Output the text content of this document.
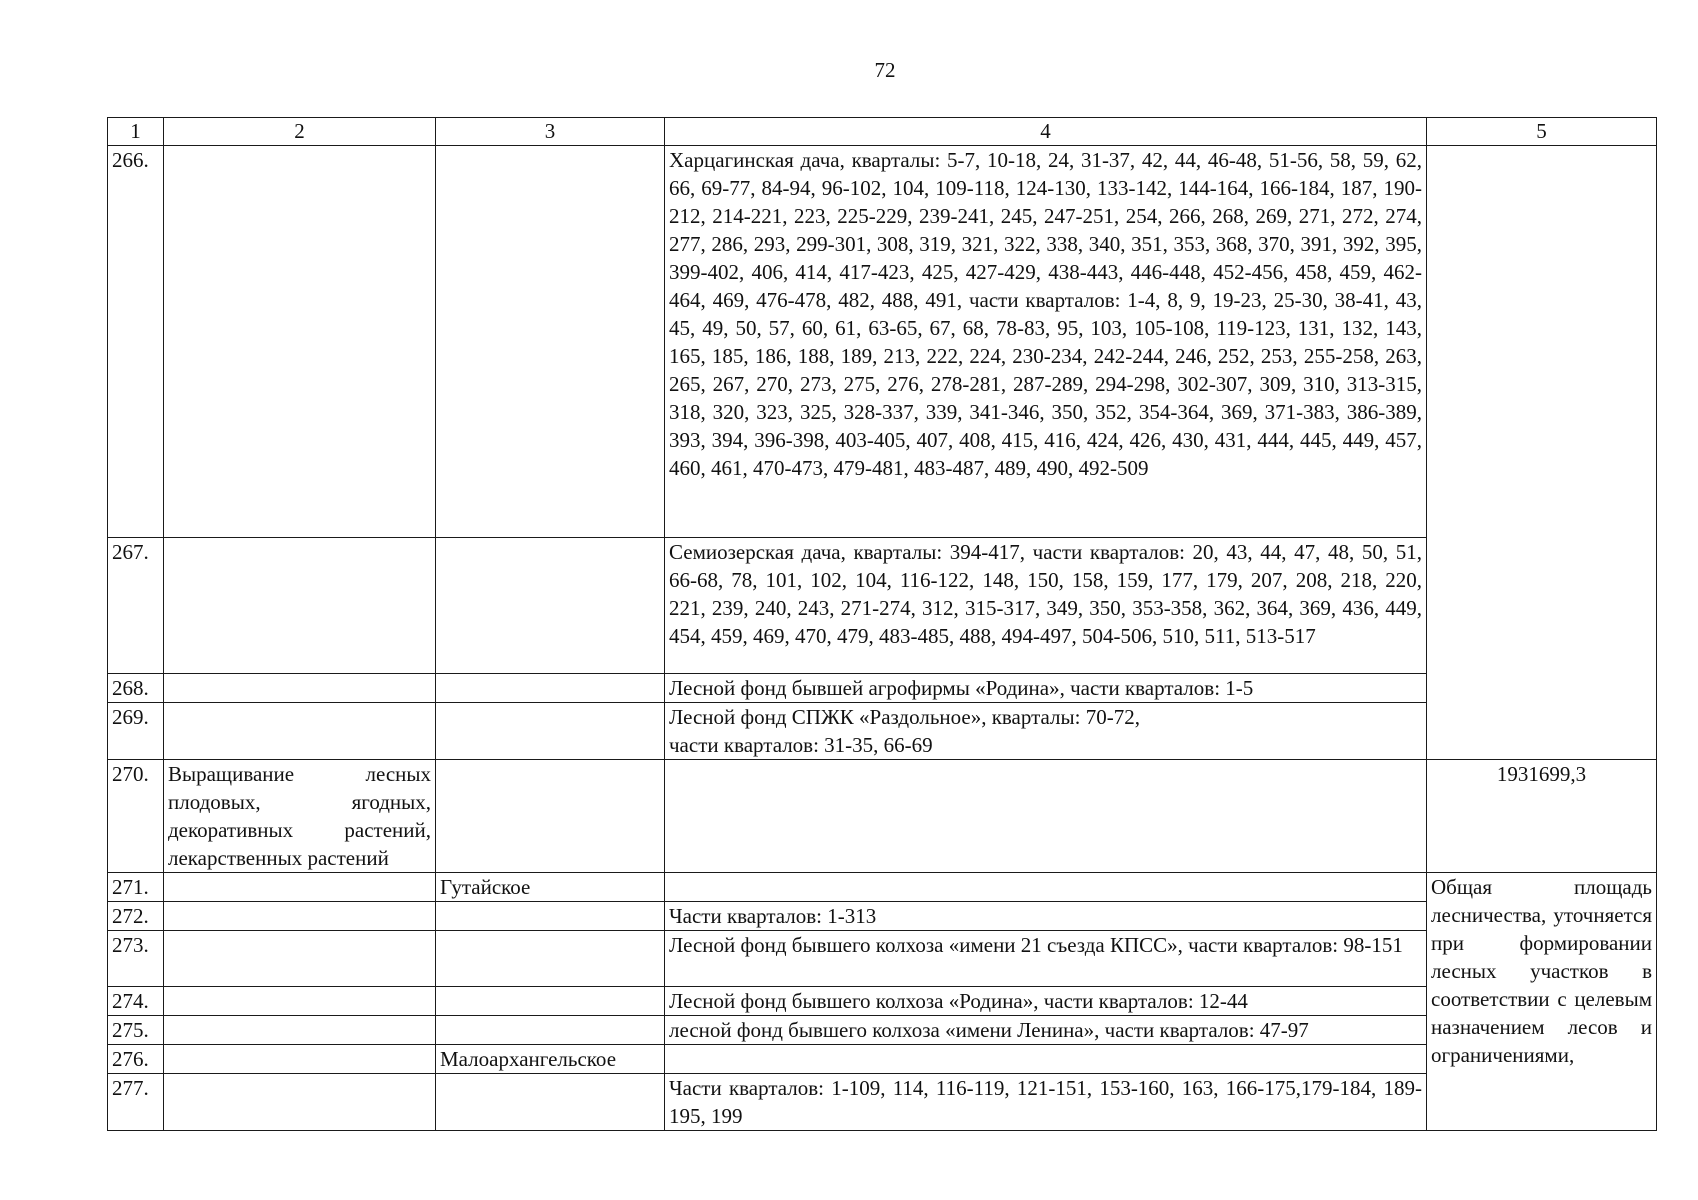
72
1	2	3	4	5
266.			Харцагинская дача, кварталы: 5-7, 10-18, 24, 31-37, 42, 44, 46-48, 51-56, 58, 59, 62, 66, 69-77, 84-94, 96-102, 104, 109-118, 124-130, 133-142, 144-164, 166-184, 187, 190-212, 214-221, 223, 225-229, 239-241, 245, 247-251, 254, 266, 268, 269, 271, 272, 274, 277, 286, 293, 299-301, 308, 319, 321, 322, 338, 340, 351, 353, 368, 370, 391, 392, 395, 399-402, 406, 414, 417-423, 425, 427-429, 438-443, 446-448, 452-456, 458, 459, 462-464, 469, 476-478, 482, 488, 491, части кварталов: 1-4, 8, 9, 19-23, 25-30, 38-41, 43, 45, 49, 50, 57, 60, 61, 63-65, 67, 68, 78-83, 95, 103, 105-108, 119-123, 131, 132, 143, 165, 185, 186, 188, 189, 213, 222, 224, 230-234, 242-244, 246, 252, 253, 255-258, 263, 265, 267, 270, 273, 275, 276, 278-281, 287-289, 294-298, 302-307, 309, 310, 313-315, 318, 320, 323, 325, 328-337, 339, 341-346, 350, 352, 354-364, 369, 371-383, 386-389, 393, 394, 396-398, 403-405, 407, 408, 415, 416, 424, 426, 430, 431, 444, 445, 449, 457, 460, 461, 470-473, 479-481, 483-487, 489, 490, 492-509	
267.			Семиозерская дача, кварталы: 394-417, части кварталов: 20, 43, 44, 47, 48, 50, 51, 66-68, 78, 101, 102, 104, 116-122, 148, 150, 158, 159, 177, 179, 207, 208, 218, 220, 221, 239, 240, 243, 271-274, 312, 315-317, 349, 350, 353-358, 362, 364, 369, 436, 449, 454, 459, 469, 470, 479, 483-485, 488, 494-497, 504-506, 510, 511, 513-517	
268.			Лесной фонд бывшей агрофирмы «Родина», части кварталов: 1-5	
269.			Лесной фонд СПЖК «Раздольное», кварталы: 70-72,
части кварталов: 31-35, 66-69	
270.	Выращивание лесных плодовых, ягодных, декоративных растений, лекарственных растений			1931699,3
271.		Гутайское		Общая площадь лесничества, уточняется при формировании лесных участков в соответствии с целевым назначением лесов и ограничениями,
272.			Части кварталов: 1-313	
273.			Лесной фонд бывшего колхоза «имени 21 съезда КПСС», части кварталов: 98-151	
274.			Лесной фонд бывшего колхоза «Родина», части кварталов: 12-44	
275.			лесной фонд бывшего колхоза «имени Ленина», части кварталов: 47-97	
276.		Малоархангельское		
277.			Части кварталов: 1-109, 114, 116-119, 121-151, 153-160, 163, 166-175,179-184, 189-195, 199	
